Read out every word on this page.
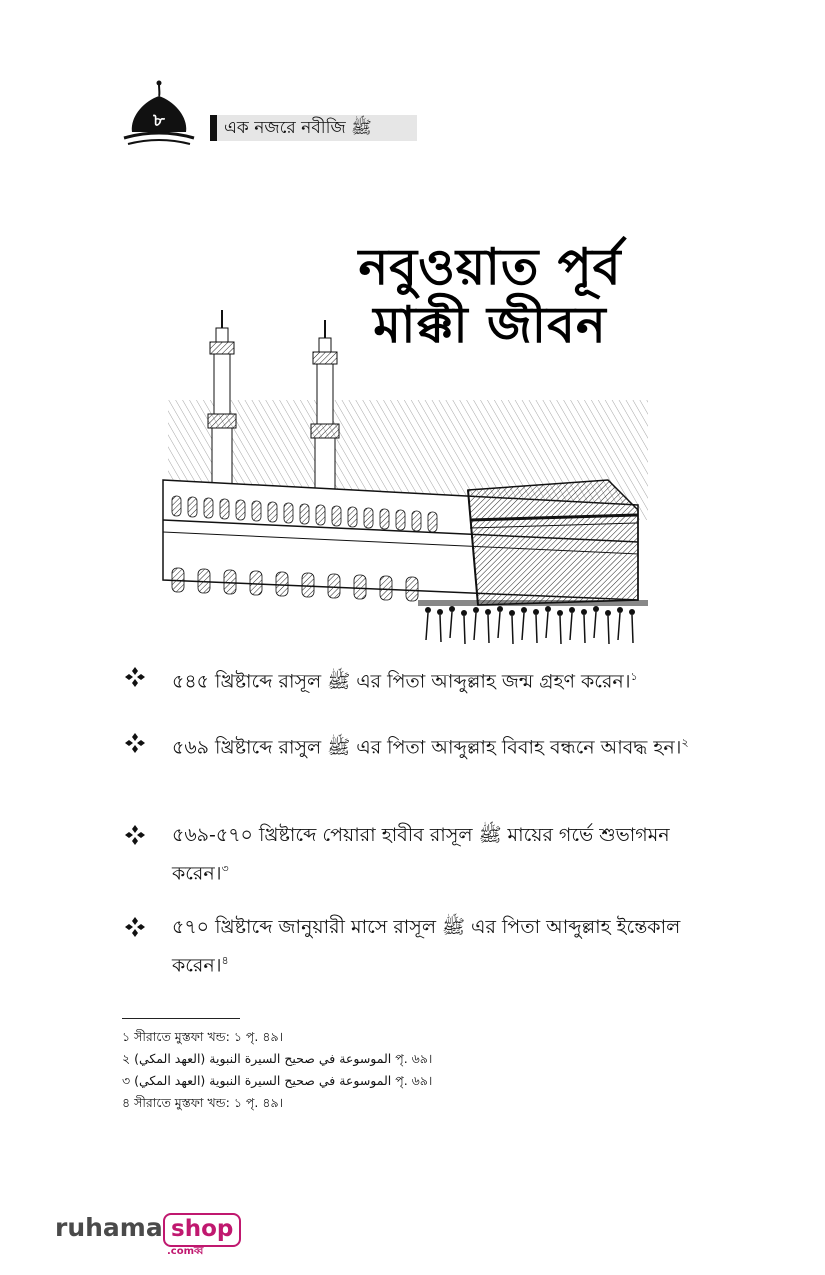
৮	এক নজরে নবীজি ﷺ
নবুওয়াত পূর্ব
মাক্কী জীবন
৫৪৫ খ্রিষ্টাব্দে রাসূল ﷺ এর পিতা আব্দুল্লাহ জন্ম গ্রহণ করেন।$^১$
৫৬৯ খ্রিষ্টাব্দে রাসুল ﷺ এর পিতা আব্দুল্লাহ বিবাহ বন্ধনে আবদ্ধ হন।$^২$
৫৬৯-৫৭০ খ্রিষ্টাব্দে পেয়ারা হাবীব রাসূল ﷺ মায়ের গর্ভে শুভাগমন করেন।$^৩$
৫৭০ খ্রিষ্টাব্দে জানুয়ারী মাসে রাসূল ﷺ এর পিতা আব্দুল্লাহ ইন্তেকাল করেন।$^৪$
১ সীরাতে মুস্তফা খন্ড: ১ পৃ. ৪৯।
২ الموسوعة في صحيح السيرة النبوية (العهد المكي) পৃ. ৬৯।
৩ الموسوعة في صحيح السيرة النبوية (العهد المكي) পৃ. ৬৯।
৪ সীরাতে মুস্তফা খন্ড: ১ পৃ. ৪৯।
ruhama shop
.comব্ব
